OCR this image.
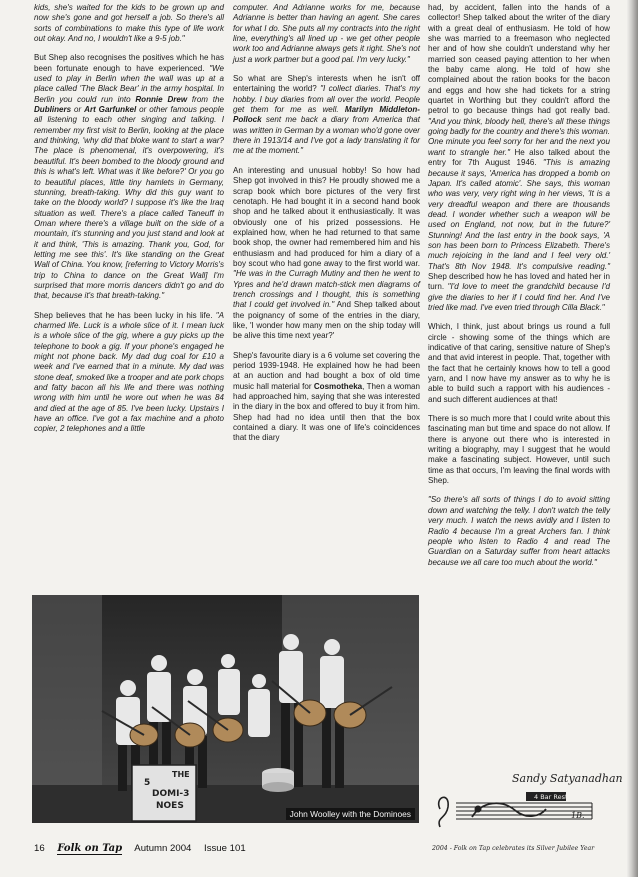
kids, she's waited for the kids to be grown up and now she's gone and got herself a job. So there's all sorts of combinations to make this type of life work out okay. And no, I wouldn't like a 9-5 job."

But Shep also recognises the positives which he has been fortunate enough to have experienced. "We used to play in Berlin when the wall was up at a place called 'The Black Bear' in the army hospital. In Berlin you could run into Ronnie Drew from the Dubliners or Art Garfunkel or other famous people all listening to each other singing and talking. I remember my first visit to Berlin, looking at the place and thinking, 'why did that bloke want to start a war? The place is phenomenal, it's overpowering, it's beautiful. It's been bombed to the bloody ground and this is what's left. What was it like before?' Or you go to beautiful places, little tiny hamlets in Germany, stunning, breath-taking. Why did this guy want to take on the bloody world? I suppose it's like the Iraq situation as well. There's a place called Taneuff in Oman where there's a village built on the side of a mountain, it's stunning and you just stand and look at it and think, 'This is amazing. Thank you, God, for letting me see this'. It's like standing on the Great Wall of China. You know, [referring to Victory Morris's trip to China to dance on the Great Wall] I'm surprised that more morris dancers didn't go and do that, because it's that breath-taking."

Shep believes that he has been lucky in his life. "A charmed life. Luck is a whole slice of it. I mean luck is a whole slice of the gig, where a guy picks up the telephone to book a gig. If your phone's engaged he might not phone back. My dad dug coal for £10 a week and I've earned that in a minute. My dad was stone deaf, smoked like a trooper and ate pork chops and fatty bacon all his life and there was nothing wrong with him until he wore out when he was 84 and died at the age of 85. I've been lucky. Upstairs I have an office. I've got a fax machine and a photo copier, 2 telephones and a little

computer. And Adrianne works for me, because Adrianne is better than having an agent. She cares for what I do. She puts all my contracts into the right line, everything's all lined up - we get other people work too and Adrianne always gets it right. She's not just a work partner but a good pal. I'm very lucky."

So what are Shep's interests when he isn't off entertaining the world? "I collect diaries. That's my hobby. I buy diaries from all over the world. People get them for me as well. Marilyn Middleton-Pollock sent me back a diary from America that was written in German by a woman who'd gone over there in 1913/14 and I've got a lady translating it for me at the moment."

An interesting and unusual hobby! So how had Shep got involved in this? He proudly showed me a scrap book which bore pictures of the very first cenotaph. He had bought it in a second hand book shop and he talked about it enthusiastically. It was obviously one of his prized possessions. He explained how, when he had returned to that same book shop, the owner had remembered him and his enthusiasm and had produced for him a diary of a boy scout who had gone away to the first world war. "He was in the Curragh Mutiny and then he went to Ypres and he'd drawn match-stick men diagrams of trench crossings and I thought, this is something that I could get involved in." And Shep talked about the poignancy of some of the entries in the diary, like, 'I wonder how many men on the ship today will be alive this time next year?'

Shep's favourite diary is a 6 volume set covering the period 1939-1948. He explained how he had been at an auction and had bought a box of old time music hall material for Cosmotheka, Then a woman had approached him, saying that she was interested in the diary in the box and offered to buy it from him. Shep had had no idea until then that the box contained a diary. It was one of life's coincidences that the diary

had, by accident, fallen into the hands of a collector! Shep talked about the writer of the diary with a great deal of enthusiasm. He told of how she was married to a freemason who neglected her and of how she couldn't understand why her married son ceased paying attention to her when the baby came along. He told of how she complained about the ration books for the bacon and eggs and how she had tickets for a string quartet in Worthing but they couldn't afford the petrol to go because things had got really bad. "And you think, bloody hell, there's all these things going badly for the country and there's this woman. One minute you feel sorry for her and the next you want to strangle her." He also talked about the entry for 7th August 1946. "This is amazing because it says, 'America has dropped a bomb on Japan. It's called atomic'. She says, this woman who was very, very right wing in her views, 'It is a very dreadful weapon and there are thousands dead. I wonder whether such a weapon will be used on England, not now, but in the future?' Stunning! And the last entry in the book says, 'A son has been born to Princess Elizabeth. There's much rejoicing in the land and I feel very old.' That's 8th Nov 1948. It's compulsive reading." Shep described how he has loved and hated her in turn. "I'd love to meet the grandchild because I'd give the diaries to her if I could find her. And I've tried like mad. I've even tried through Cilla Black."

Which, I think, just about brings us round a full circle - showing some of the things which are indicative of that caring, sensitive nature of Shep's and that avid interest in people. That, together with the fact that he certainly knows how to tell a good yarn, and I now have my answer as to why he is able to build such a rapport with his audiences - and such different audiences at that!

There is so much more that I could write about this fascinating man but time and space do not allow. If there is anyone out there who is interested in writing a biography, may I suggest that he would make a fascinating subject. However, until such time as that occurs, I'm leaving the final words with Shep.

"So there's all sorts of things I do to avoid sitting down and watching the telly. I don't watch the telly very much. I watch the news avidly and I listen to Radio 4 because I'm a great Archers fan. I think people who listen to Radio 4 and read The Guardian on a Saturday suffer from heart attacks because we all care too much about the world."

THE
5
DOMI-3
NOES
John Woolley with the Dominoes
Sandy Satyanadhan
4 Bar Rest
1B.
16 Folk on Tap Autumn 2004 Issue 101	2004 - Folk on Tap celebrates its Silver Jubilee Year
